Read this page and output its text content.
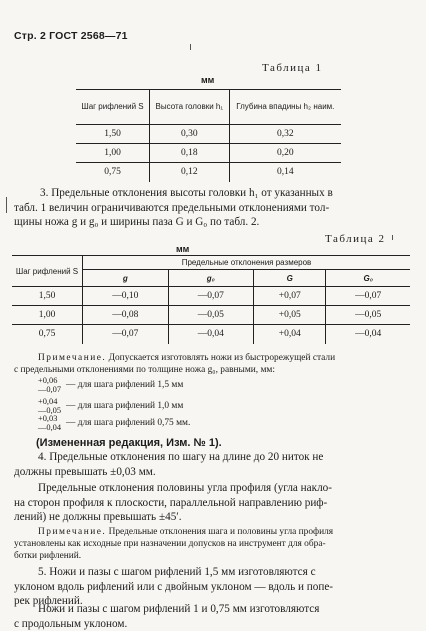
Стр. 2 ГОСТ 2568—71
Таблица 1
мм
Шаг рифлений S	Высота головки h₁	Глубина впадины h₂ наим.
1,50	0,30	0,32
1,00	0,18	0,20
0,75	0,12	0,14
3. Предельные отклонения высоты головки h₁ от указанных в
табл. 1 величин ограничиваются предельными отклонениями тол-
щины ножа g и g₀ и ширины паза G и G₀ по табл. 2.
мм
Таблица 2
Шаг рифлений S	Предельные отклонения размеров			
	g	g₀	G	G₀
1,50	—0,10	—0,07	+0,07	—0,07
1,00	—0,08	—0,05	+0,05	—0,05
0,75	—0,07	—0,04	+0,04	—0,04
Примечание. Допускается изготовлять ножи из быстрорежущей стали
с предельными отклонениями по толщине ножа g₀, равными, мм:
+0,06
—0,07 — для шага рифлений 1,5 мм
+0,04
—0,05 — для шага рифлений 1,0 мм
+0,03
—0,04 — для шага рифлений 0,75 мм.
(Измененная редакция, Изм. № 1).
4. Предельные отклонения по шагу на длине до 20 ниток не
должны превышать ±0,03 мм.
Предельные отклонения половины угла профиля (угла накло-
на сторон профиля к плоскости, параллельной направлению риф-
лений) не должны превышать ±45′.
Примечание. Предельные отклонения шага и половины угла профиля
установлены как исходные при назначении допусков на инструмент для обра-
ботки рифлений.
5. Ножи и пазы с шагом рифлений 1,5 мм изготовляются с
уклоном вдоль рифлений или с двойным уклоном — вдоль и попе-
рек рифлений.
Ножи и пазы с шагом рифлений 1 и 0,75 мм изготовляются
с продольным уклоном.
